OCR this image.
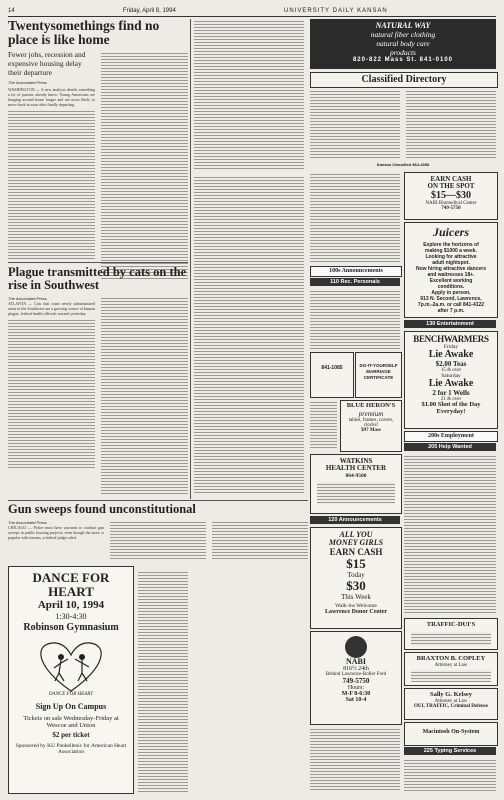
14	Friday, April 8, 1994	UNIVERSITY DAILY KANSAN
Twentysomethings find no place is like home
Fewer jobs, recession and expensive housing delay their departure
The Associated Press
WASHINGTON — A new analysis details something a lot of parents already knew: Young Americans are hanging around home longer and are more likely to move back in soon after finally departing.
Plague transmitted by cats on the rise in Southwest
The Associated Press
ATLANTA — Cats that roam newly suburbanized areas in the Southwest are a growing source of human plague, federal health officials warned yesterday.
Gun sweeps found unconstitutional
The Associated Press
CHICAGO — Police must have warrants to conduct gun sweeps in public housing projects, even though the tactic is popular with tenants, a federal judge ruled.
DANCE FOR HEART
April 10, 1994
1:30-4:30
Robinson Gymnasium
DANCE FOR HEART
Sign Up On Campus
Tickets on sale Wednesday-Friday at Wescoe and Union
$2 per ticket
Sponsored by KU Panhellenic for American Heart Association
NATURAL WAY
natural fiber clothing
natural body care
products
820-822 Mass St. 841-0100
Classified Directory
Kansan Classified 864-4358
EARN CASH
ON THE SPOT
$15—$30
NABI Biomedical Center
749-5750
Juicers
Explore the horizons of
making $1000 a week.
Looking for attractive
adult nightspot.
Now hiring attractive dancers
and waitresses 18+.
Excellent working
conditions.
Apply in person,
913 N. Second, Lawrence,
7p.m.-2a.m. or call 841-4122
after 7 p.m.
100s Announcements
110 Rec. Personals
130 Entertainment
BENCHWARMERS
Friday
Lie Awake
$2.00 Teas
15 & over
Saturday
Lie Awake
2 for 1 Wells
21 & over
$1.00 Shot of the Day
Everyday!
841-1085	DO-IT-YOURSELF MARRIAGE CERTIFICATE
BLUE HERON'S
premium
tables, frames, covers, clocks!
$97 Mass
WATKINS
HEALTH CENTER
864-9500
200s Employment
205 Help Wanted
120 Announcements
ALL YOU
MONEY GIRLS
EARN CASH
$15
Today
$30
This Week
Walk-ins Welcome
Lawrence Donor Center
NABI
816½ 24th
Behind Lawrence-Roller Ford
749-5750
Hours:
M-F 8-6:30
Sat 10-4
TRAFFIC-DUI'S
BRAXTON B. COPLEY
Attorney at Law
Sally G. Kelsey
Attorney at Law
OUI, TRAFFIC, Criminal Defense
Macintosh On-System
225 Typing Services
